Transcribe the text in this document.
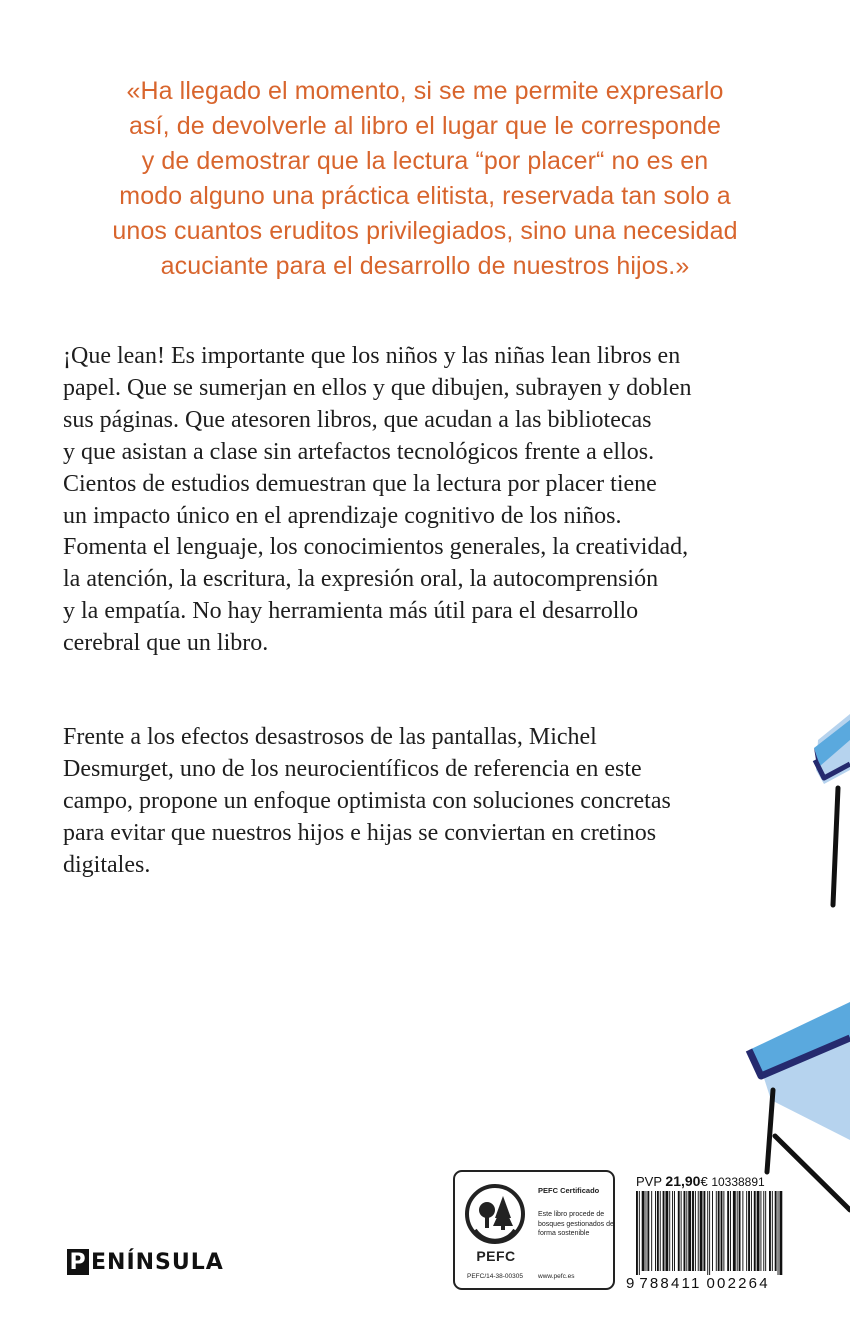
«Ha llegado el momento, si se me permite expresarlo
así, de devolverle al libro el lugar que le corresponde
y de demostrar que la lectura “por placer“ no es en
modo alguno una práctica elitista, reservada tan solo a
unos cuantos eruditos privilegiados, sino una necesidad
acuciante para el desarrollo de nuestros hijos.»
¡Que lean! Es importante que los niños y las niñas lean libros en
papel. Que se sumerjan en ellos y que dibujen, subrayen y doblen
sus páginas. Que atesoren libros, que acudan a las bibliotecas
y que asistan a clase sin artefactos tecnológicos frente a ellos.
Cientos de estudios demuestran que la lectura por placer tiene
un impacto único en el aprendizaje cognitivo de los niños.
Fomenta el lenguaje, los conocimientos generales, la creatividad,
la atención, la escritura, la expresión oral, la autocomprensión
y la empatía. No hay herramienta más útil para el desarrollo
cerebral que un libro.
Frente a los efectos desastrosos de las pantallas, Michel
Desmurget, uno de los neurocientíficos de referencia en este
campo, propone un enfoque optimista con soluciones concretas
para evitar que nuestros hijos e hijas se conviertan en cretinos
digitales.
PEFC
PEFC Certificado
Este libro procede de bosques gestionados de forma sostenible
PEFC/14-38-00305 www.pefc.es
PVP 21,90€ 10338891
9 788411 002264
P ENÍNSULA
